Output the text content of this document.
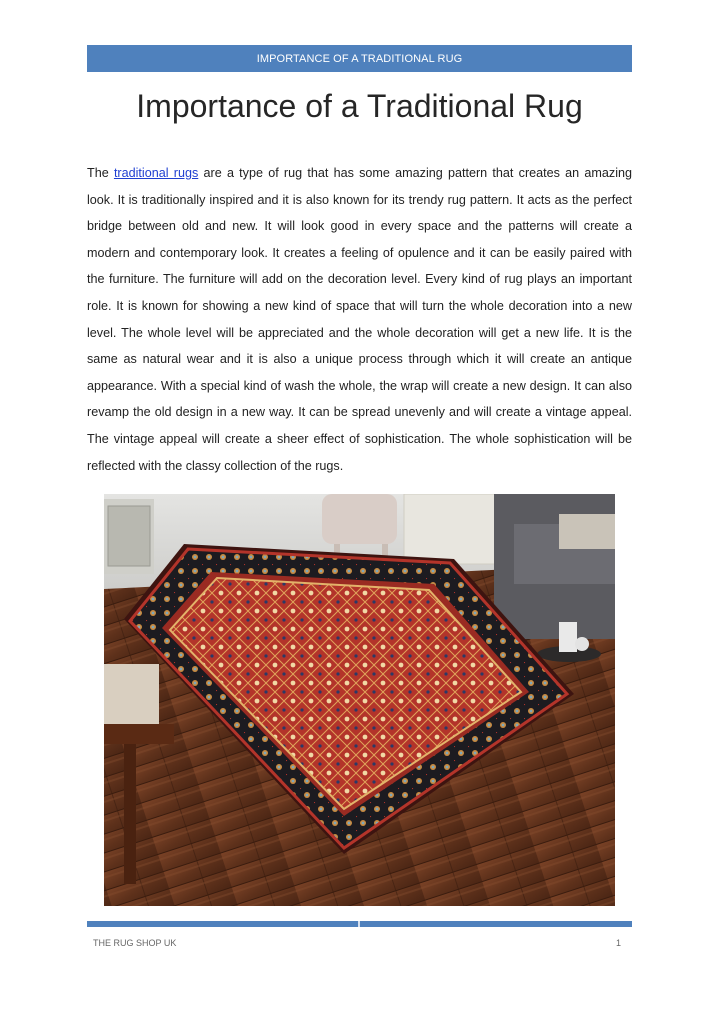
IMPORTANCE OF A TRADITIONAL RUG
Importance of a Traditional Rug

The traditional rugs are a type of rug that has some amazing pattern that creates an amazing look. It is traditionally inspired and it is also known for its trendy rug pattern. It acts as the perfect bridge between old and new. It will look good in every space and the patterns will create a modern and contemporary look. It creates a feeling of opulence and it can be easily paired with the furniture. The furniture will add on the decoration level. Every kind of rug plays an important role. It is known for showing a new kind of space that will turn the whole decoration into a new level. The whole level will be appreciated and the whole decoration will get a new life. It is the same as natural wear and it is also a unique process through which it will create an antique appearance. With a special kind of wash the whole, the wrap will create a new design. It can also revamp the old design in a new way. It can be spread unevenly and will create a vintage appeal. The vintage appeal will create a sheer effect of sophistication. The whole sophistication will be reflected with the classy collection of the rugs.

THE RUG SHOP UK	1
